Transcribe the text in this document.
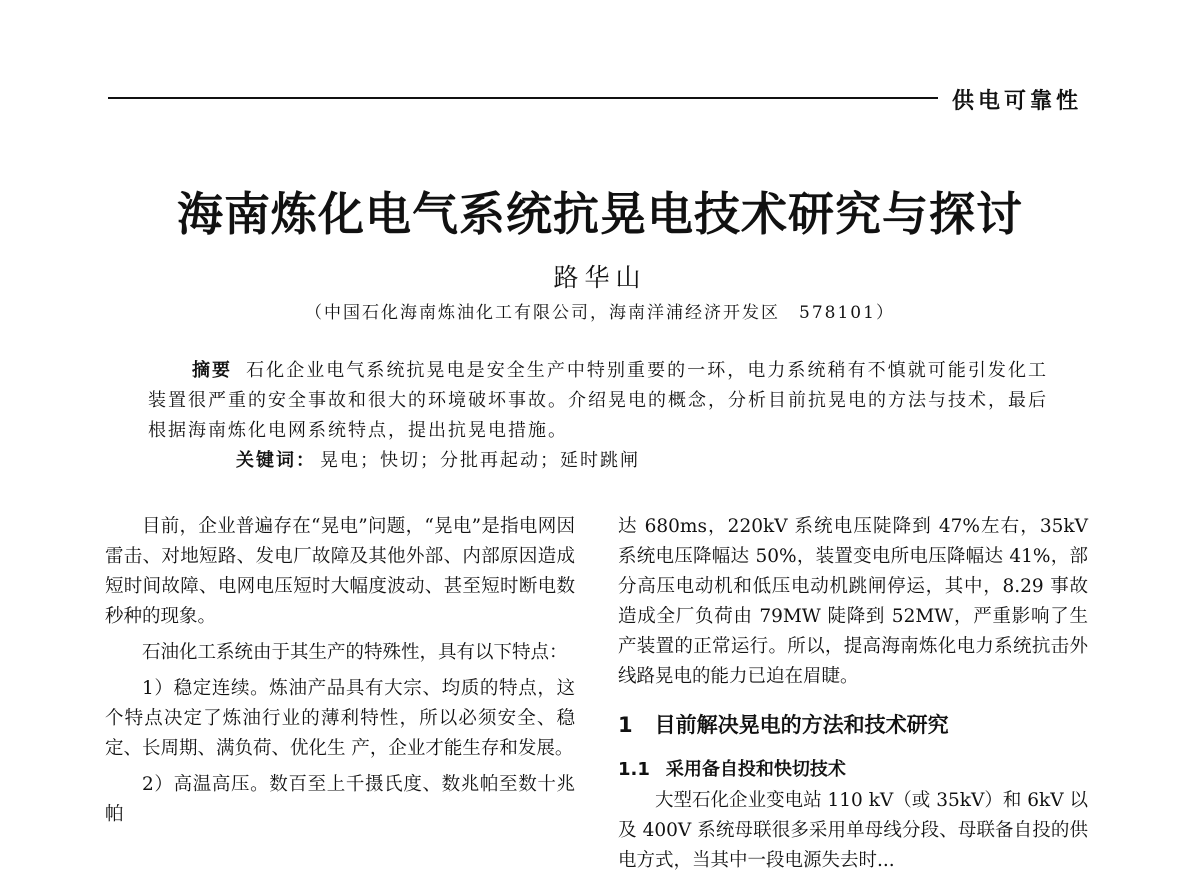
供电可靠性
海南炼化电气系统抗晃电技术研究与探讨
路华山
（中国石化海南炼油化工有限公司，海南洋浦经济开发区　578101）

摘要 石化企业电气系统抗晃电是安全生产中特别重要的一环，电力系统稍有不慎就可能引发化工装置很严重的安全事故和很大的环境破坏事故。介绍晃电的概念，分析目前抗晃电的方法与技术，最后根据海南炼化电网系统特点，提出抗晃电措施。

关键词： 晃电；快切；分批再起动；延时跳闸

目前，企业普遍存在“晃电”问题，“晃电”是指电网因雷击、对地短路、发电厂故障及其他外部、内部原因造成短时间故障、电网电压短时大幅度波动、甚至短时断电数秒种的现象。

石油化工系统由于其生产的特殊性，具有以下特点：

1）稳定连续。炼油产品具有大宗、均质的特点，这个特点决定了炼油行业的薄利特性，所以必须安全、稳定、长周期、满负荷、优化生 产，企业才能生存和发展。

2）高温高压。数百至上千摄氏度、数兆帕至数十兆帕

达 680ms，220kV 系统电压陡降到 47%左右，35kV 系统电压降幅达 50%，装置变电所电压降幅达 41%，部分高压电动机和低压电动机跳闸停运，其中，8.29 事故造成全厂负荷由 79MW 陡降到 52MW，严重影响了生产装置的正常运行。所以，提高海南炼化电力系统抗击外线路晃电的能力已迫在眉睫。

1 目前解决晃电的方法和技术研究
1.1 采用备自投和快切技术

大型石化企业变电站 110 kV（或 35kV）和 6kV 以及 400V 系统母联很多采用单母线分段、母联备自投的供电方式，当其中一段电源失去时...
